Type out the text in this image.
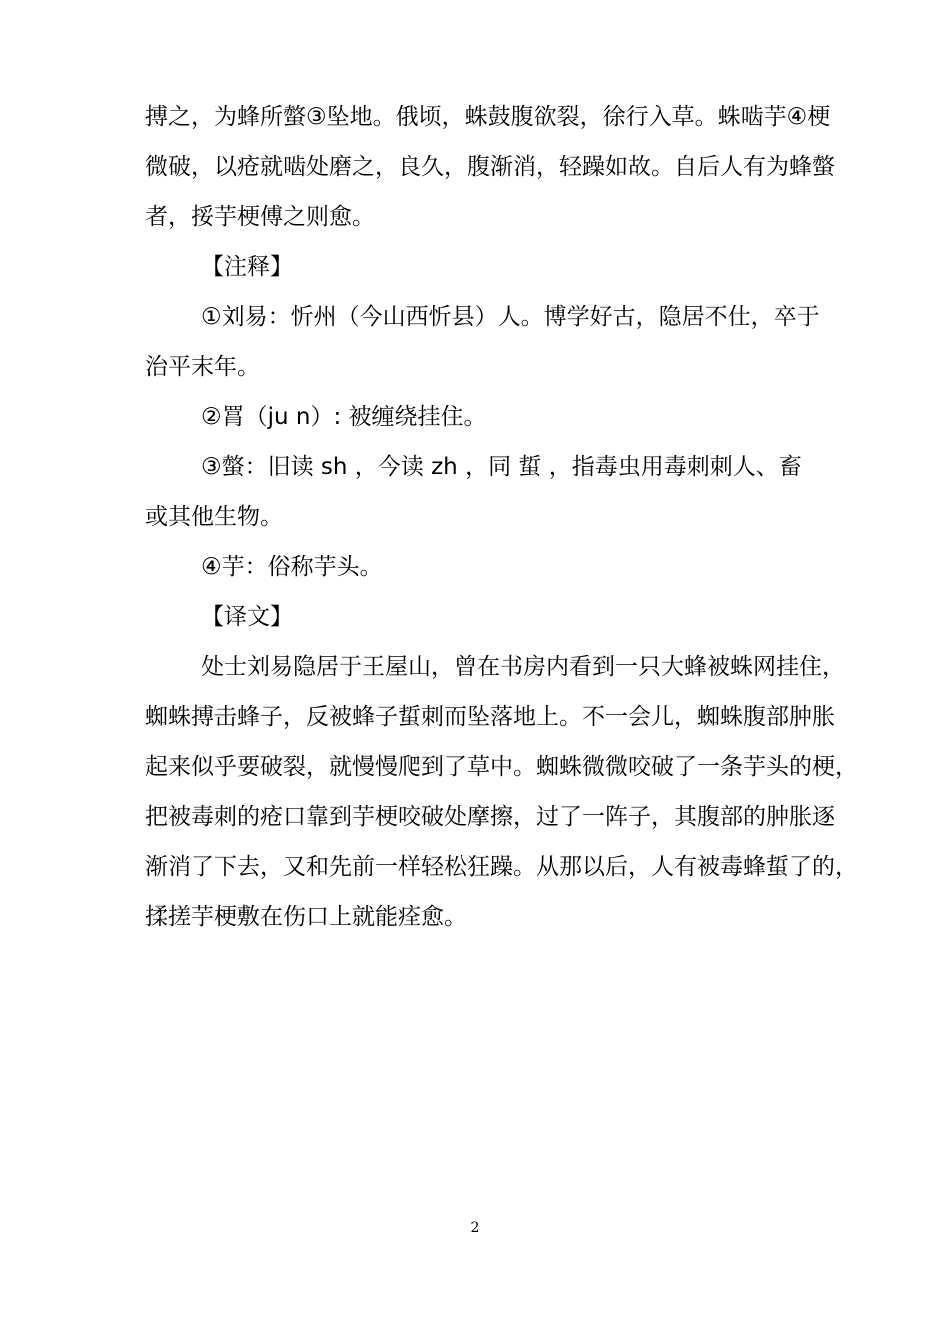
搏之，为蜂所螫③坠地。俄顷，蛛鼓腹欲裂，徐行入草。蛛啮芋④梗
微破，以疮就啮处磨之，良久，腹渐消，轻躁如故。自后人有为蜂螫
者，挼芋梗傅之则愈。
【注释】
①刘易：忻州（今山西忻县）人。博学好古，隐居不仕，卒于
治平末年。
②罥（ju n）: 被缠绕挂住。
③螫：旧读 sh ，今读 zh ，同 蜇 ，指毒虫用毒刺刺人、畜
或其他生物。
④芋：俗称芋头。
【译文】
处士刘易隐居于王屋山，曾在书房内看到一只大蜂被蛛网挂住，
蜘蛛搏击蜂子，反被蜂子蜇刺而坠落地上。不一会儿，蜘蛛腹部肿胀
起来似乎要破裂，就慢慢爬到了草中。蜘蛛微微咬破了一条芋头的梗，
把被毒刺的疮口靠到芋梗咬破处摩擦，过了一阵子，其腹部的肿胀逐
渐消了下去，又和先前一样轻松狂躁。从那以后，人有被毒蜂蜇了的，
揉搓芋梗敷在伤口上就能痊愈。
2
